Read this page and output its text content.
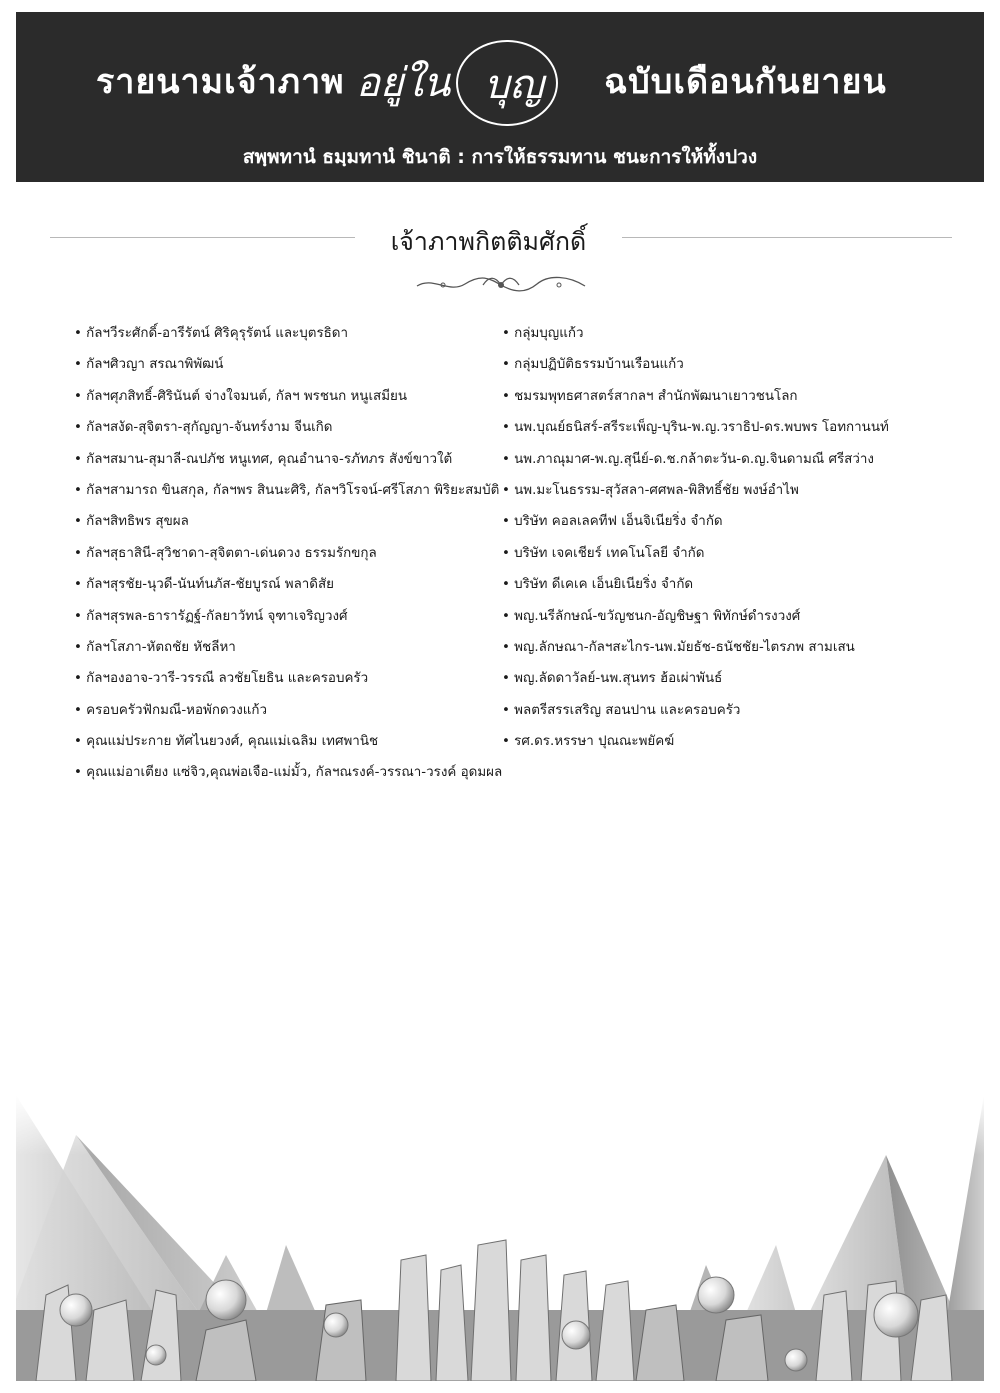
รายนามเจ้าภาพ อยู่ใน บุญ ฉบับเดือนกันยายน
สพฺพทานํ ธมฺมทานํ ชินาติ : การให้ธรรมทาน ชนะการให้ทั้งปวง
เจ้าภาพกิตติมศักดิ์
• กัลฯวีระศักดิ์-อารีรัตน์ ศิริคุรุรัตน์ และบุตรธิดา
• กัลฯศิวญา สรณาพิพัฒน์
• กัลฯศุภสิทธิ์-ศิรินันต์ จ่างใจมนต์, กัลฯ พรชนก หนูเสมียน
• กัลฯสงัด-สุจิตรา-สุกัญญา-จันทร์งาม จีนเกิด
• กัลฯสมาน-สุมาลี-ณปภัช หนูเทศ, คุณอำนาจ-รภัทภร สังข์ขาวใต้
• กัลฯสามารถ ขินสกุล, กัลฯพร สินนะศิริ, กัลฯวิโรจน์-ศรีโสภา พิริยะสมบัติ
• กัลฯสิทธิพร สุขผล
• กัลฯสุธาสินี-สุวิชาดา-สุจิตตา-เด่นดวง ธรรมรักขกุล
• กัลฯสุรชัย-นุวดี-นันท์นภัส-ชัยบูรณ์ พลาดิสัย
• กัลฯสุรพล-ธารารัฏฐ์-กัลยาวัทน์ จุฑาเจริญวงศ์
• กัลฯโสภา-หัตถชัย หัชลีหา
• กัลฯองอาจ-วารี-วรรณี ลวชัยโยธิน และครอบครัว
• ครอบครัวฟักมณี-หอพักดวงแก้ว
• คุณแม่ประกาย ทัศไนยวงศ์, คุณแม่เฉลิม เทศพานิช
• คุณแม่อาเตียง แซ่จิว,คุณพ่อเจือ-แม่มั้ว, กัลฯณรงค์-วรรณา-วรงค์ อุดมผล
• กลุ่มบุญแก้ว
• กลุ่มปฏิบัติธรรมบ้านเรือนแก้ว
• ชมรมพุทธศาสตร์สากลฯ สำนักพัฒนาเยาวชนโลก
• นพ.บุณย์ธนิสร์-สรีระเพ็ญ-บุริน-พ.ญ.วราธิป-ดร.พบพร โอทกานนท์
• นพ.ภาณุมาศ-พ.ญ.สุนีย์-ด.ช.กล้าตะวัน-ด.ญ.จินดามณี ศรีสว่าง
• นพ.มะโนธรรม-สุวัสลา-ศศพล-พิสิทธิ์ชัย พงษ์อำไพ
• บริษัท คอลเลคทีฟ เอ็นจิเนียริ่ง จำกัด
• บริษัท เจคเชียร์ เทคโนโลยี จำกัด
• บริษัท ดีเคเค เอ็นยิเนียริ่ง จำกัด
• พญ.นรีลักษณ์-ขวัญชนก-อัญชิษฐา พิทักษ์ดำรงวงศ์
• พญ.ลักษณา-กัลฯสะไกร-นพ.มัยธัช-ธนัชชัย-ไตรภพ สามเสน
• พญ.ลัดดาวัลย์-นพ.สุนทร ฮ้อเผ่าพันธ์
• พลตรีสรรเสริญ สอนปาน และครอบครัว
• รศ.ดร.หรรษา ปุณณะพยัคฆ์
